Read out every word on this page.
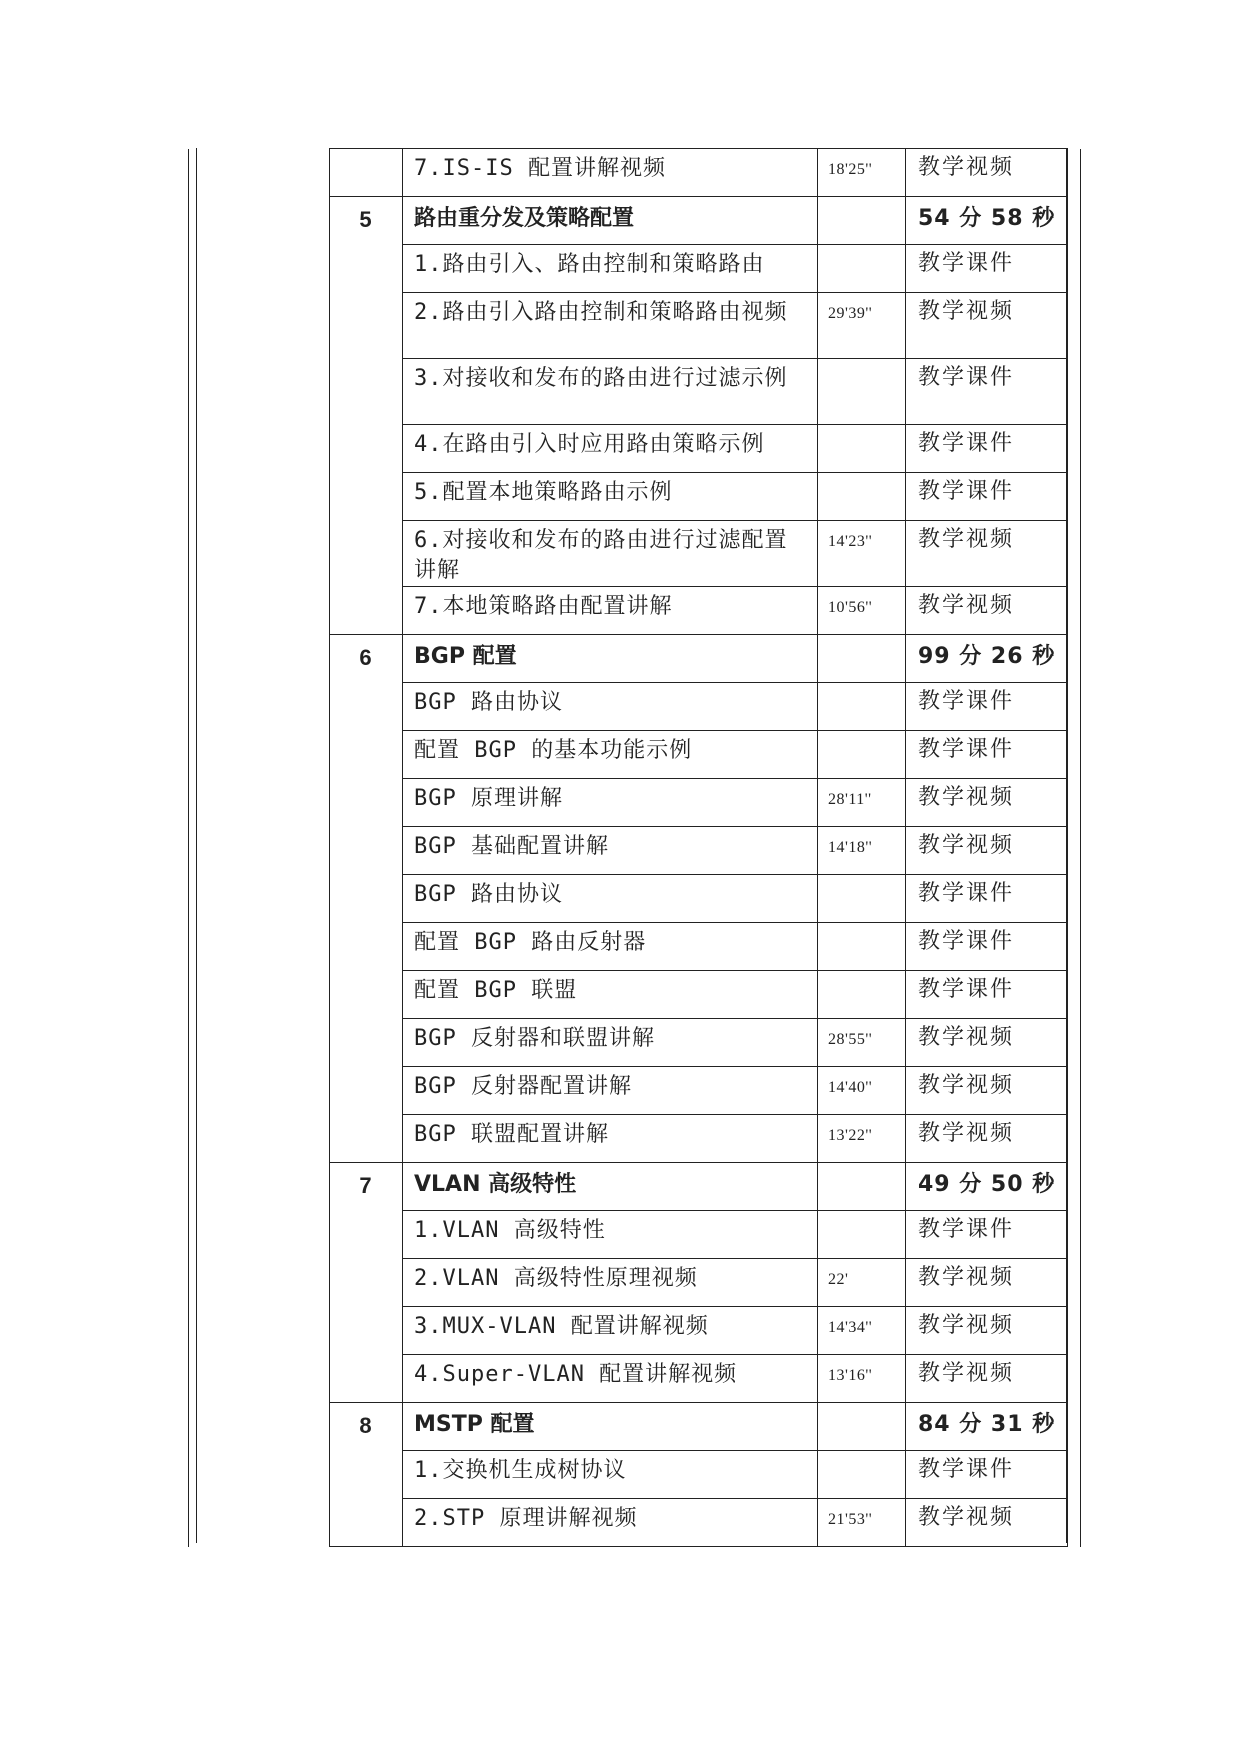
		7.IS-IS 配置讲解视频	18'25''	教学视频	

	5	路由重分发及策略配置		54 分 58 秒	

		1.路由引入、路由控制和策略路由		教学课件	

		2.路由引入路由控制和策略路由视频	29'39''	教学视频	

		3.对接收和发布的路由进行过滤示例		教学课件	

		4.在路由引入时应用路由策略示例		教学课件	

		5.配置本地策略路由示例		教学课件	

		6.对接收和发布的路由进行过滤配置讲解	14'23''	教学视频	

		7.本地策略路由配置讲解	10'56''	教学视频	

	6	BGP 配置		99 分 26 秒	

		BGP 路由协议		教学课件	

		配置 BGP 的基本功能示例		教学课件	

		BGP 原理讲解	28'11''	教学视频	

		BGP 基础配置讲解	14'18''	教学视频	

		BGP 路由协议		教学课件	

		配置 BGP 路由反射器		教学课件	

		配置 BGP 联盟		教学课件	

		BGP 反射器和联盟讲解	28'55''	教学视频	

		BGP 反射器配置讲解	14'40''	教学视频	

		BGP 联盟配置讲解	13'22''	教学视频	

	7	VLAN 高级特性		49 分 50 秒	

		1.VLAN 高级特性		教学课件	

		2.VLAN 高级特性原理视频	22'	教学视频	

		3.MUX-VLAN 配置讲解视频	14'34''	教学视频	

		4.Super-VLAN 配置讲解视频	13'16''	教学视频	

	8	MSTP 配置		84 分 31 秒	

		1.交换机生成树协议		教学课件	

		2.STP 原理讲解视频	21'53''	教学视频	
